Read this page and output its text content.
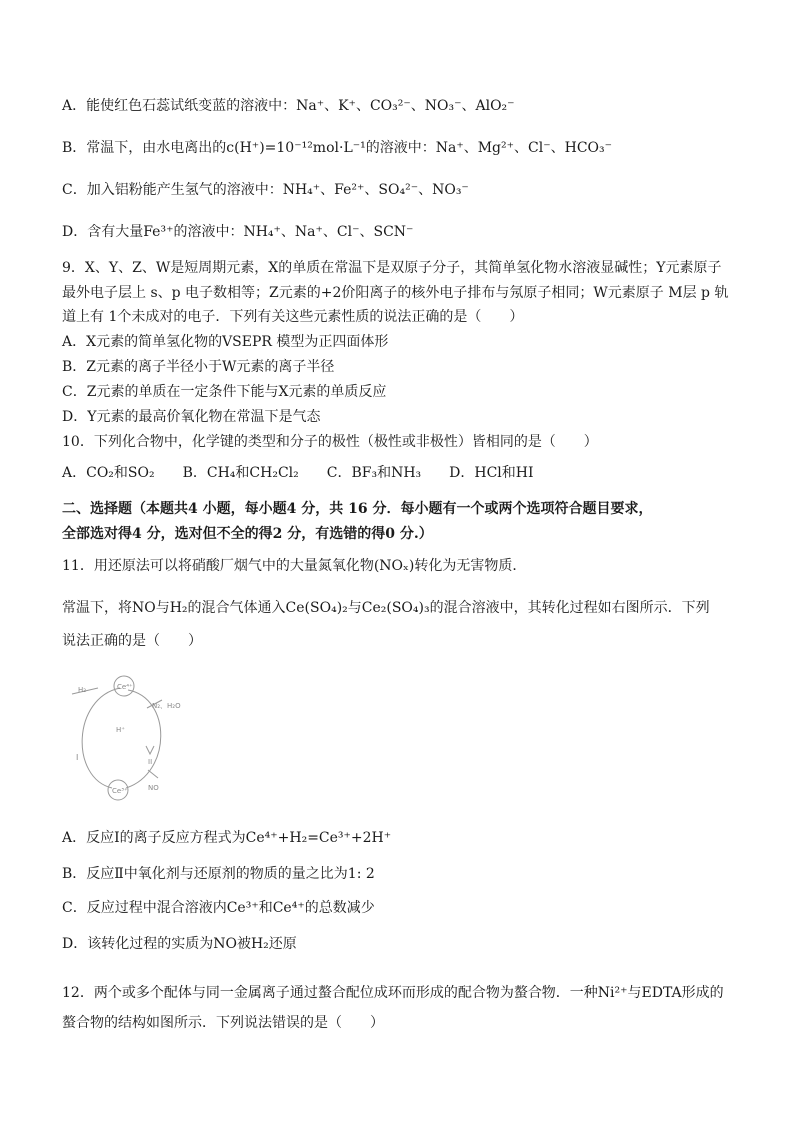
A．能使红色石蕊试纸变蓝的溶液中：Na⁺、K⁺、CO₃²⁻、NO₃⁻、AlO₂⁻
B．常温下，由水电离出的c(H⁺)=10⁻¹²mol·L⁻¹的溶液中：Na⁺、Mg²⁺、Cl⁻、HCO₃⁻
C．加入铝粉能产生氢气的溶液中：NH₄⁺、Fe²⁺、SO₄²⁻、NO₃⁻
D．含有大量Fe³⁺的溶液中：NH₄⁺、Na⁺、Cl⁻、SCN⁻
9．X、Y、Z、W是短周期元素，X的单质在常温下是双原子分子，其简单氢化物水溶液显碱性；Y元素原子
最外电子层上 s、p 电子数相等；Z元素的+2价阳离子的核外电子排布与氖原子相同；W元素原子 M层 p 轨
道上有 1个未成对的电子．下列有关这些元素性质的说法正确的是（　　）
A．X元素的简单氢化物的VSEPR 模型为正四面体形
B．Z元素的离子半径小于W元素的离子半径
C．Z元素的单质在一定条件下能与X元素的单质反应
D．Y元素的最高价氧化物在常温下是气态
10．下列化合物中，化学键的类型和分子的极性（极性或非极性）皆相同的是（　　）
A．CO₂和SO₂　　B．CH₄和CH₂Cl₂　　C．BF₃和NH₃　　D．HCl和HI
二、选择题（本题共4 小题，每小题4 分，共 16 分．每小题有一个或两个选项符合题目要求，
全部选对得4 分，选对但不全的得2 分，有选错的得0 分.）
11．用还原法可以将硝酸厂烟气中的大量氮氧化物(NOₓ)转化为无害物质．
常温下，将NO与H₂的混合气体通入Ce(SO₄)₂与Ce₂(SO₄)₃的混合溶液中，其转化过程如右图所示．下列
说法正确的是（　　）
H₂	Ce⁴⁺
N₂、H₂O
H⁺
I	II
Ce³⁺	NO
A．反应Ⅰ的离子反应方程式为Ce⁴⁺+H₂=Ce³⁺+2H⁺
B．反应Ⅱ中氧化剂与还原剂的物质的量之比为1: 2
C．反应过程中混合溶液内Ce³⁺和Ce⁴⁺的总数减少
D．该转化过程的实质为NO被H₂还原
12．两个或多个配体与同一金属离子通过螯合配位成环而形成的配合物为螯合物．一种Ni²⁺与EDTA形成的
螯合物的结构如图所示．下列说法错误的是（　　）
